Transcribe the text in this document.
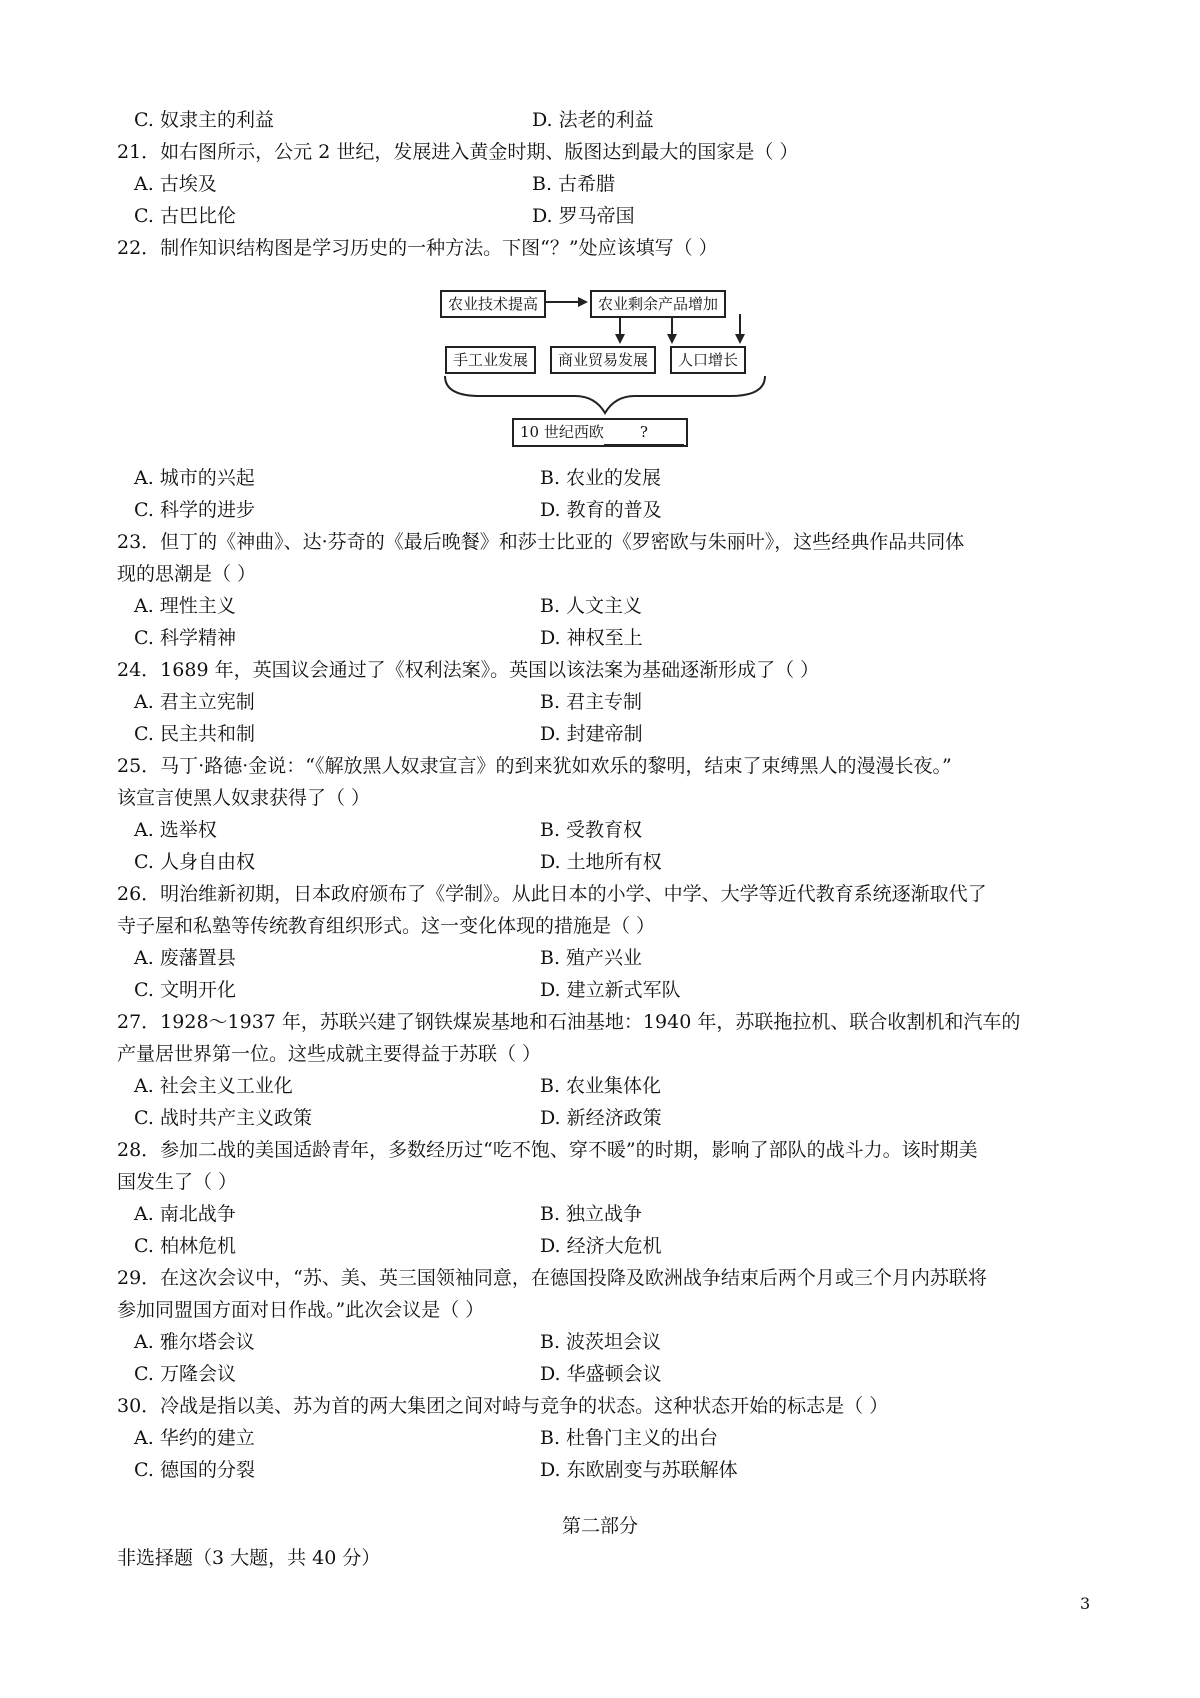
C. 奴隶主的利益	D. 法老的利益
21．如右图所示，公元 2 世纪，发展进入黄金时期、版图达到最大的国家是（ ）
A. 古埃及	B. 古希腊
C. 古巴比伦	D. 罗马帝国
22．制作知识结构图是学习历史的一种方法。下图“？”处应该填写（ ）
农业技术提高	农业剩余产品增加
手工业发展	商业贸易发展	人口增长
10 世纪西欧 ?
A. 城市的兴起	B. 农业的发展
C. 科学的进步	D. 教育的普及
23．但丁的《神曲》、达·芬奇的《最后晚餐》和莎士比亚的《罗密欧与朱丽叶》，这些经典作品共同体
现的思潮是（ ）
A. 理性主义	B. 人文主义
C. 科学精神	D. 神权至上
24．1689 年，英国议会通过了《权利法案》。英国以该法案为基础逐渐形成了（ ）
A. 君主立宪制	B. 君主专制
C. 民主共和制	D. 封建帝制
25．马丁·路德·金说：“《解放黑人奴隶宣言》的到来犹如欢乐的黎明，结束了束缚黑人的漫漫长夜。”
该宣言使黑人奴隶获得了（ ）
A. 选举权	B. 受教育权
C. 人身自由权	D. 土地所有权
26．明治维新初期，日本政府颁布了《学制》。从此日本的小学、中学、大学等近代教育系统逐渐取代了
寺子屋和私塾等传统教育组织形式。这一变化体现的措施是（ ）
A. 废藩置县	B. 殖产兴业
C. 文明开化	D. 建立新式军队
27．1928～1937 年，苏联兴建了钢铁煤炭基地和石油基地：1940 年，苏联拖拉机、联合收割机和汽车的
产量居世界第一位。这些成就主要得益于苏联（ ）
A. 社会主义工业化	B. 农业集体化
C. 战时共产主义政策	D. 新经济政策
28．参加二战的美国适龄青年，多数经历过“吃不饱、穿不暖”的时期，影响了部队的战斗力。该时期美
国发生了（ ）
A. 南北战争	B. 独立战争
C. 柏林危机	D. 经济大危机
29．在这次会议中，“苏、美、英三国领袖同意，在德国投降及欧洲战争结束后两个月或三个月内苏联将
参加同盟国方面对日作战。”此次会议是（ ）
A. 雅尔塔会议	B. 波茨坦会议
C. 万隆会议	D. 华盛顿会议
30．冷战是指以美、苏为首的两大集团之间对峙与竞争的状态。这种状态开始的标志是（ ）
A. 华约的建立	B. 杜鲁门主义的出台
C. 德国的分裂	D. 东欧剧变与苏联解体
第二部分
非选择题（3 大题，共 40 分）
3
